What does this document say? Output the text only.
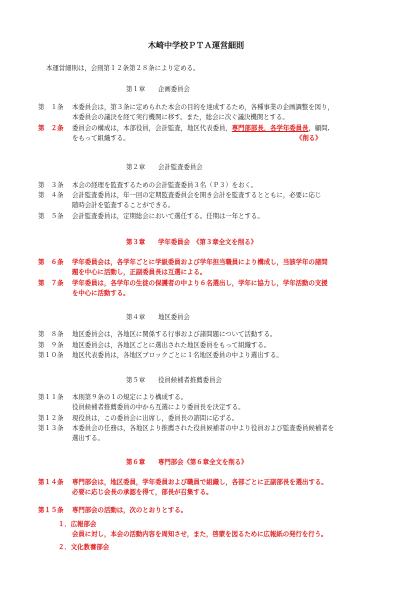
木崎中学校ＰＴＡ運営細則
本運営細則は，会則第１２条第２８条により定める。
第１章　　企画委員会
第　１条 本委員会は，第３条に定められた本会の目的を達成するため，各種事業の企画調整を図り，
本委員会の議決を経て実行機関に移す。また，総会に次ぐ議決機関とする。
第　２条 委員会の構成は，本部役員，会計監査，地区代表委員，専門部部長，各学年委員長，顧問,
をもって組織する。	《削る》
第２章　　会計監査委員会
第　３条 本会の経理を監査するための会計監査委員３名（Ｐ３）をおく。
第　４条 会計監査委員は，年一回の定期監査委員会を開き会計を監査するとともに，必要に応じ
随時会計を監査することができる。
第　５条 会計監査委員は，定期総会において選任する。任期は一年とする。
第３章　　学年委員会　《第３章全文を削る》
第　６条 学年委員会は，各学年ごとに学級委員および学年担当職員により構成し，当該学年の諸問
題を中心に活動し，正副委員長は互選による。
第　７条 学年委員は，各学年の生徒の保護者の中より６名選出し，学年に協力し，学年活動の支援
を中心に活動する。
第４章　　地区委員会
第　８条 地区委員会は，各地区に関係する行事および諸問題について活動する。
第　９条 地区委員会は，各地区ごとに選出された地区委員をもって組織する。
第１０条 地区代表委員は，各地区ブロックごとに１名地区委員の中より選出する。
第５章　　役員候補者推薦委員会
第１１条 本則第９条の１の規定により構成する。
役員候補者推薦委員の中から互選により委員長を決定する。
第１２条 現役員は，この委員会に出席し，委員長の諮問に応ずる。
第１３条 本委員会の任務は，各地区より推薦された役員候補者の中より役員および監査委員候補者を
選出する。
第６章　　専門部会《第６章全文を削る》
第１４条 専門部会は，地区委員，学年委員および職員で組織し，各部ごとに正副部長を選出する。
必要に応じ会長の承認を得て，部長が召集する。
第１５条 専門部会の活動は，次のとおりとする。
１．広報部会
会員に対し，本会の活動内容を周知させ，また，啓蒙を図るために広報紙の発行を行う。
２．文化教養部会
